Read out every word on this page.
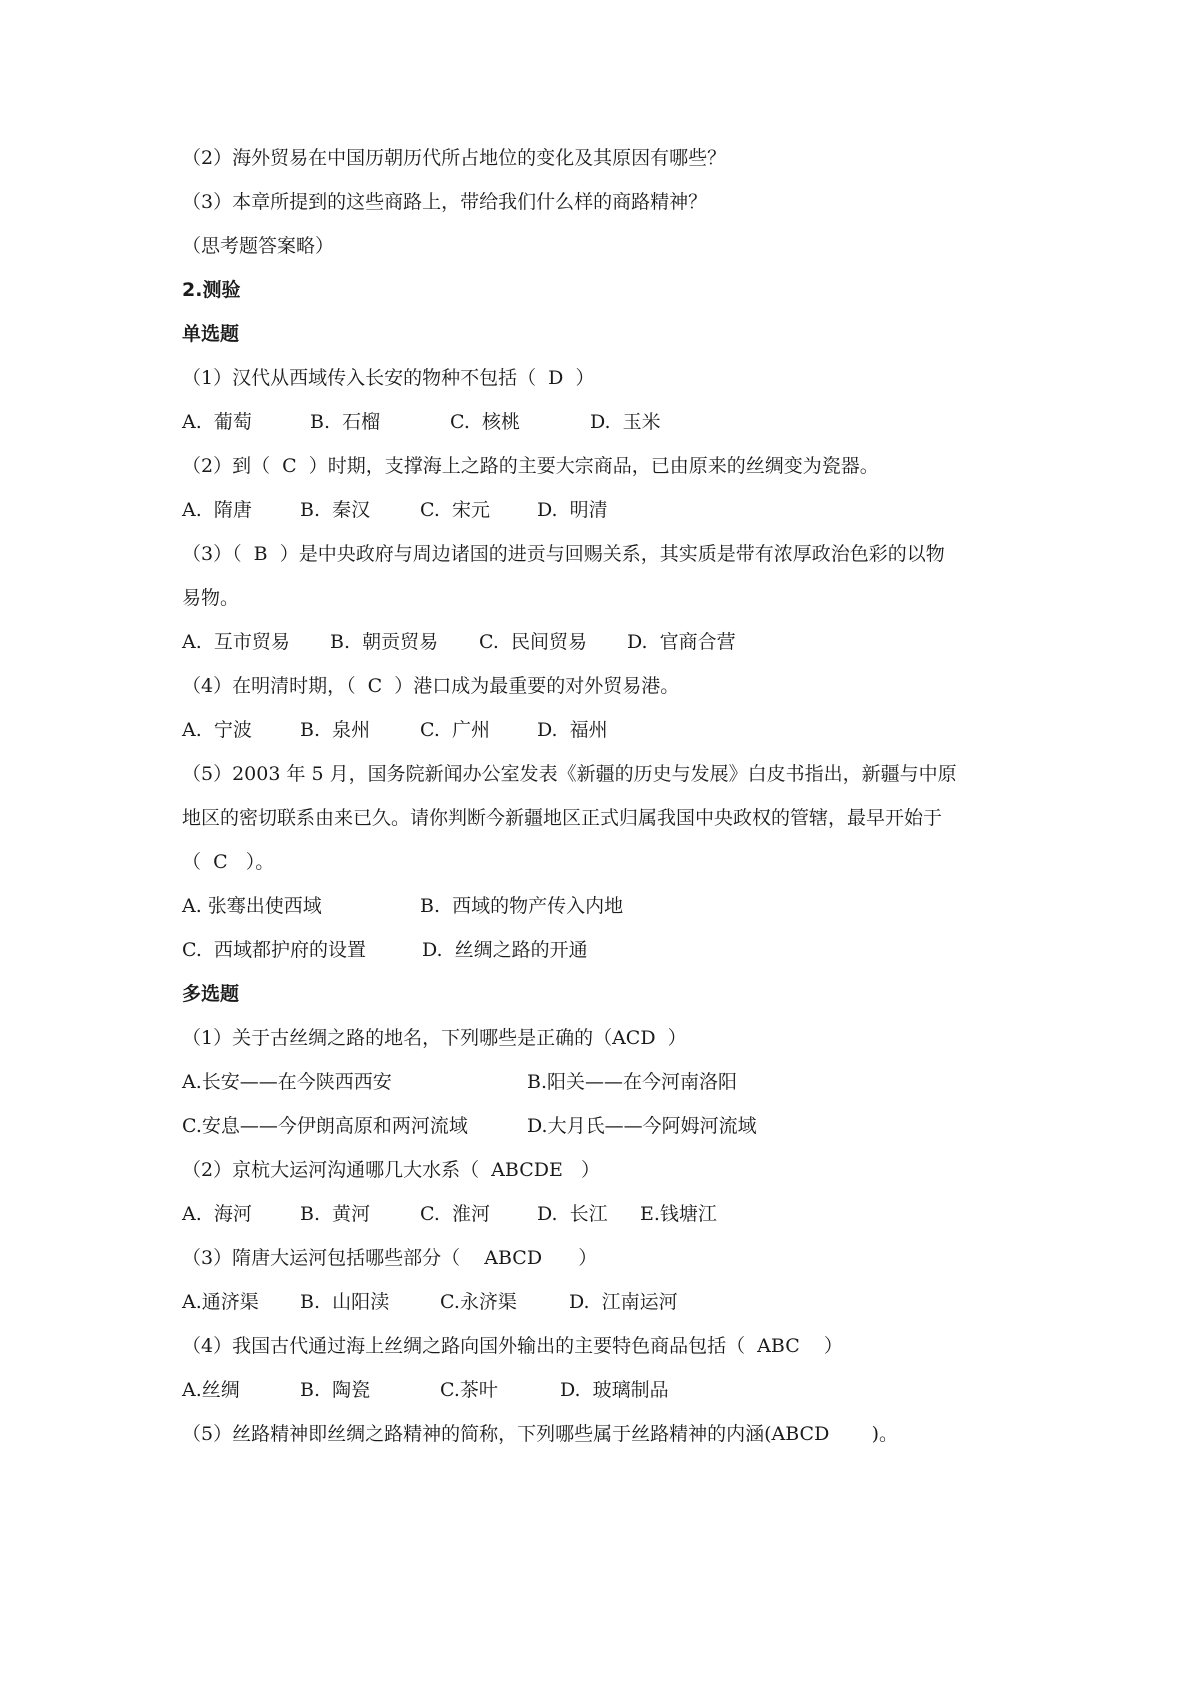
（2）海外贸易在中国历朝历代所占地位的变化及其原因有哪些？
（3）本章所提到的这些商路上，带给我们什么样的商路精神？
（思考题答案略）
2.测验
单选题
（1）汉代从西域传入长安的物种不包括（  D  ）

A.  葡萄

	B.  石榴

	C.  核桃

	D.  玉米

（2）到（  C  ）时期，支撑海上之路的主要大宗商品，已由原来的丝绸变为瓷器。

A.  隋唐

	B.  秦汉

	C.  宋元

D.  明清

（3）（  B  ）是中央政府与周边诸国的进贡与回赐关系，其实质是带有浓厚政治色彩的以物
易物。

A.  互市贸易

B.  朝贡贸易

C.  民间贸易

D.  官商合营

（4）在明清时期，（  C  ）港口成为最重要的对外贸易港。

A.  宁波

	B.  泉州

	C.  广州

D.  福州

（5）2003 年 5 月，国务院新闻办公室发表《新疆的历史与发展》白皮书指出，新疆与中原
地区的密切联系由来已久。请你判断今新疆地区正式归属我国中央政权的管辖，最早开始于
（  C   ）。

A. 张骞出使西域

	B.  西域的物产传入内地

C.  西域都护府的设置

	D.  丝绸之路的开通

多选题
（1）关于古丝绸之路的地名，下列哪些是正确的（ACD  ）

A.长安——在今陕西西安

	B.阳关——在今河南洛阳

C.安息——今伊朗高原和两河流域

	D.大月氏——今阿姆河流域

（2）京杭大运河沟通哪几大水系（  ABCDE   ）

A.  海河

	B.  黄河

	C.  淮河

D.  长江

E.钱塘江

（3）隋唐大运河包括哪些部分（    ABCD      ）

A.通济渠

B.  山阳渎

	C.永济渠

	D.  江南运河

（4）我国古代通过海上丝绸之路向国外输出的主要特色商品包括（  ABC    ）

A.丝绸

	B.  陶瓷

	C.茶叶

	D.  玻璃制品

（5）丝路精神即丝绸之路精神的简称，下列哪些属于丝路精神的内涵(ABCD       )。
